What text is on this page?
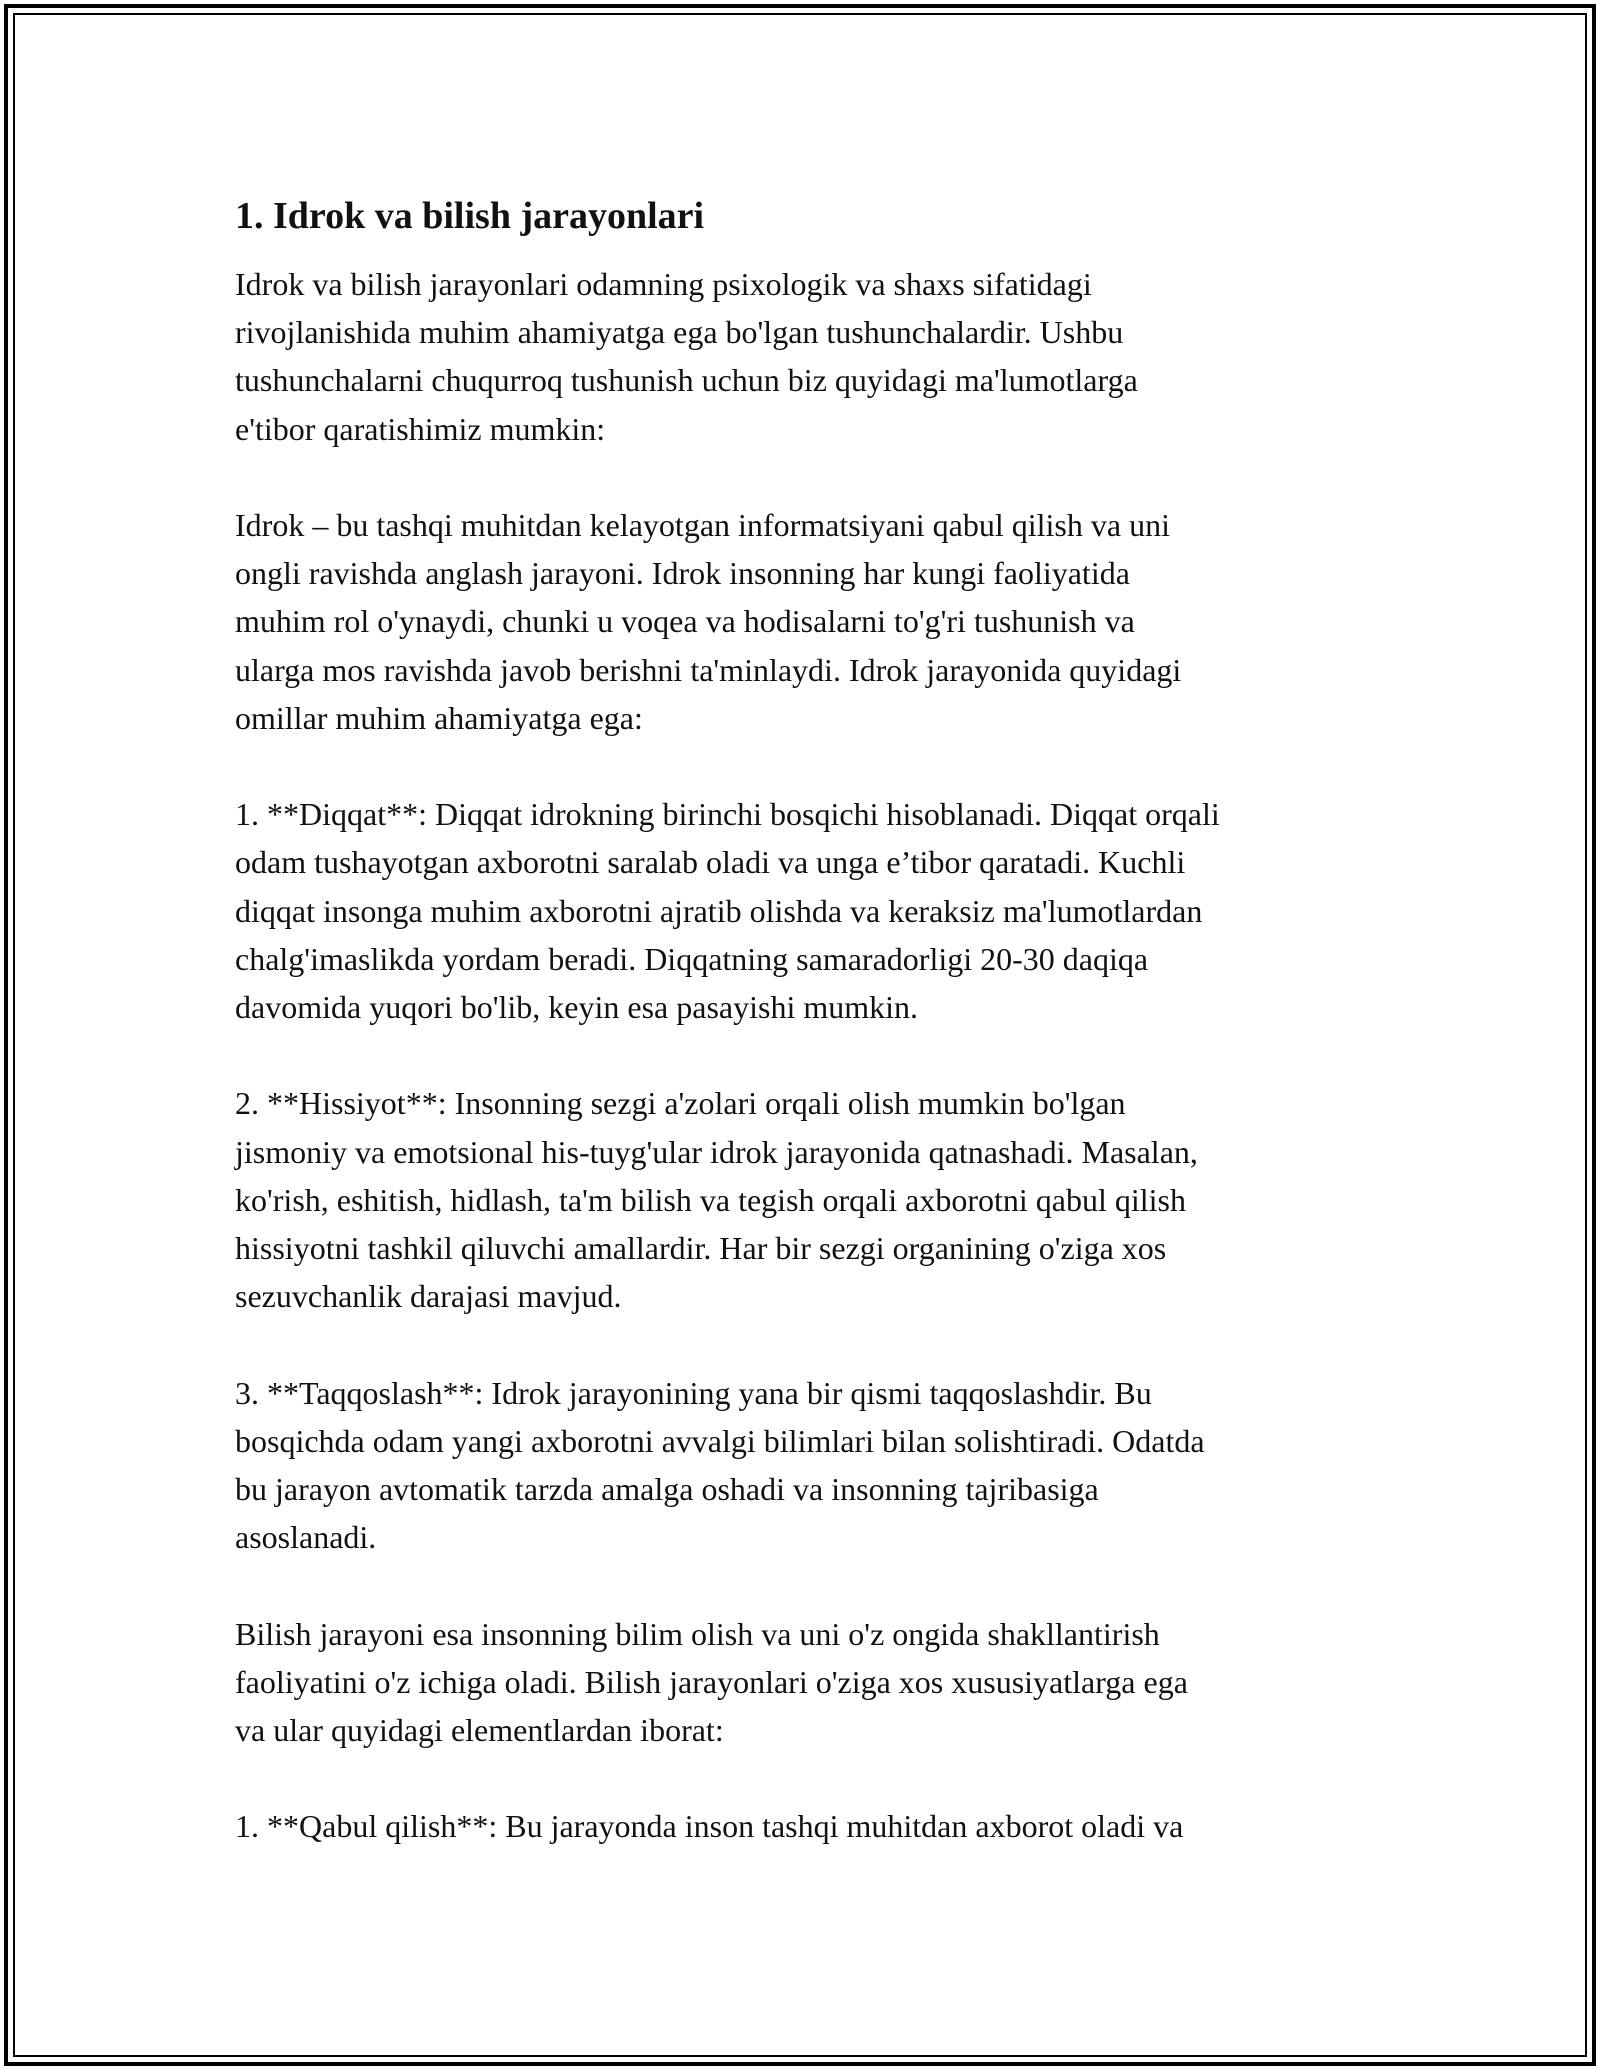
1. Idrok va bilish jarayonlari

Idrok va bilish jarayonlari odamning psixologik va shaxs sifatidagi
rivojlanishida muhim ahamiyatga ega bo'lgan tushunchalardir. Ushbu
tushunchalarni chuqurroq tushunish uchun biz quyidagi ma'lumotlarga
e'tibor qaratishimiz mumkin:

Idrok – bu tashqi muhitdan kelayotgan informatsiyani qabul qilish va uni
ongli ravishda anglash jarayoni. Idrok insonning har kungi faoliyatida
muhim rol o'ynaydi, chunki u voqea va hodisalarni to'g'ri tushunish va
ularga mos ravishda javob berishni ta'minlaydi. Idrok jarayonida quyidagi
omillar muhim ahamiyatga ega:

1. **Diqqat**: Diqqat idrokning birinchi bosqichi hisoblanadi. Diqqat orqali
odam tushayotgan axborotni saralab oladi va unga e’tibor qaratadi. Kuchli
diqqat insonga muhim axborotni ajratib olishda va keraksiz ma'lumotlardan
chalg'imaslikda yordam beradi. Diqqatning samaradorligi 20-30 daqiqa
davomida yuqori bo'lib, keyin esa pasayishi mumkin.

2. **Hissiyot**: Insonning sezgi a'zolari orqali olish mumkin bo'lgan
jismoniy va emotsional his-tuyg'ular idrok jarayonida qatnashadi. Masalan,
ko'rish, eshitish, hidlash, ta'm bilish va tegish orqali axborotni qabul qilish
hissiyotni tashkil qiluvchi amallardir. Har bir sezgi organining o'ziga xos
sezuvchanlik darajasi mavjud.

3. **Taqqoslash**: Idrok jarayonining yana bir qismi taqqoslashdir. Bu
bosqichda odam yangi axborotni avvalgi bilimlari bilan solishtiradi. Odatda
bu jarayon avtomatik tarzda amalga oshadi va insonning tajribasiga
asoslanadi.

Bilish jarayoni esa insonning bilim olish va uni o'z ongida shakllantirish
faoliyatini o'z ichiga oladi. Bilish jarayonlari o'ziga xos xususiyatlarga ega
va ular quyidagi elementlardan iborat:

1. **Qabul qilish**: Bu jarayonda inson tashqi muhitdan axborot oladi va
